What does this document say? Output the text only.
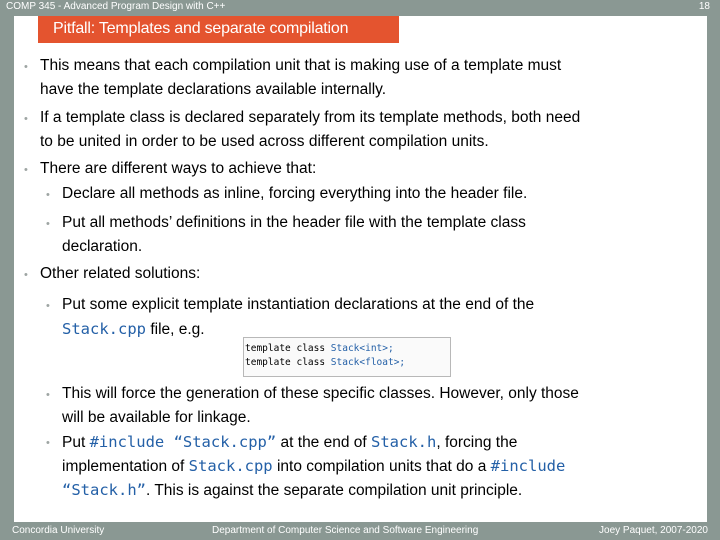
COMP 345 - Advanced Program Design with C++	18
Pitfall: Templates and separate compilation
• This means that each compilation unit that is making use of a template must
have the template declarations available internally.
• If a template class is declared separately from its template methods, both need
to be united in order to be used across different compilation units.
• There are different ways to achieve that:
• Declare all methods as inline, forcing everything into the header file.
• Put all methods’ definitions in the header file with the template class
declaration.
• Other related solutions:
• Put some explicit template instantiation declarations at the end of the
Stack.cpp file, e.g.
template class Stack<int>;
template class Stack<float>;
• This will force the generation of these specific classes. However, only those
will be available for linkage.
• Put #include “Stack.cpp” at the end of Stack.h, forcing the
implementation of Stack.cpp into compilation units that do a #include
“Stack.h”. This is against the separate compilation unit principle.
Concordia University	Department of Computer Science and Software Engineering	Joey Paquet, 2007-2020
